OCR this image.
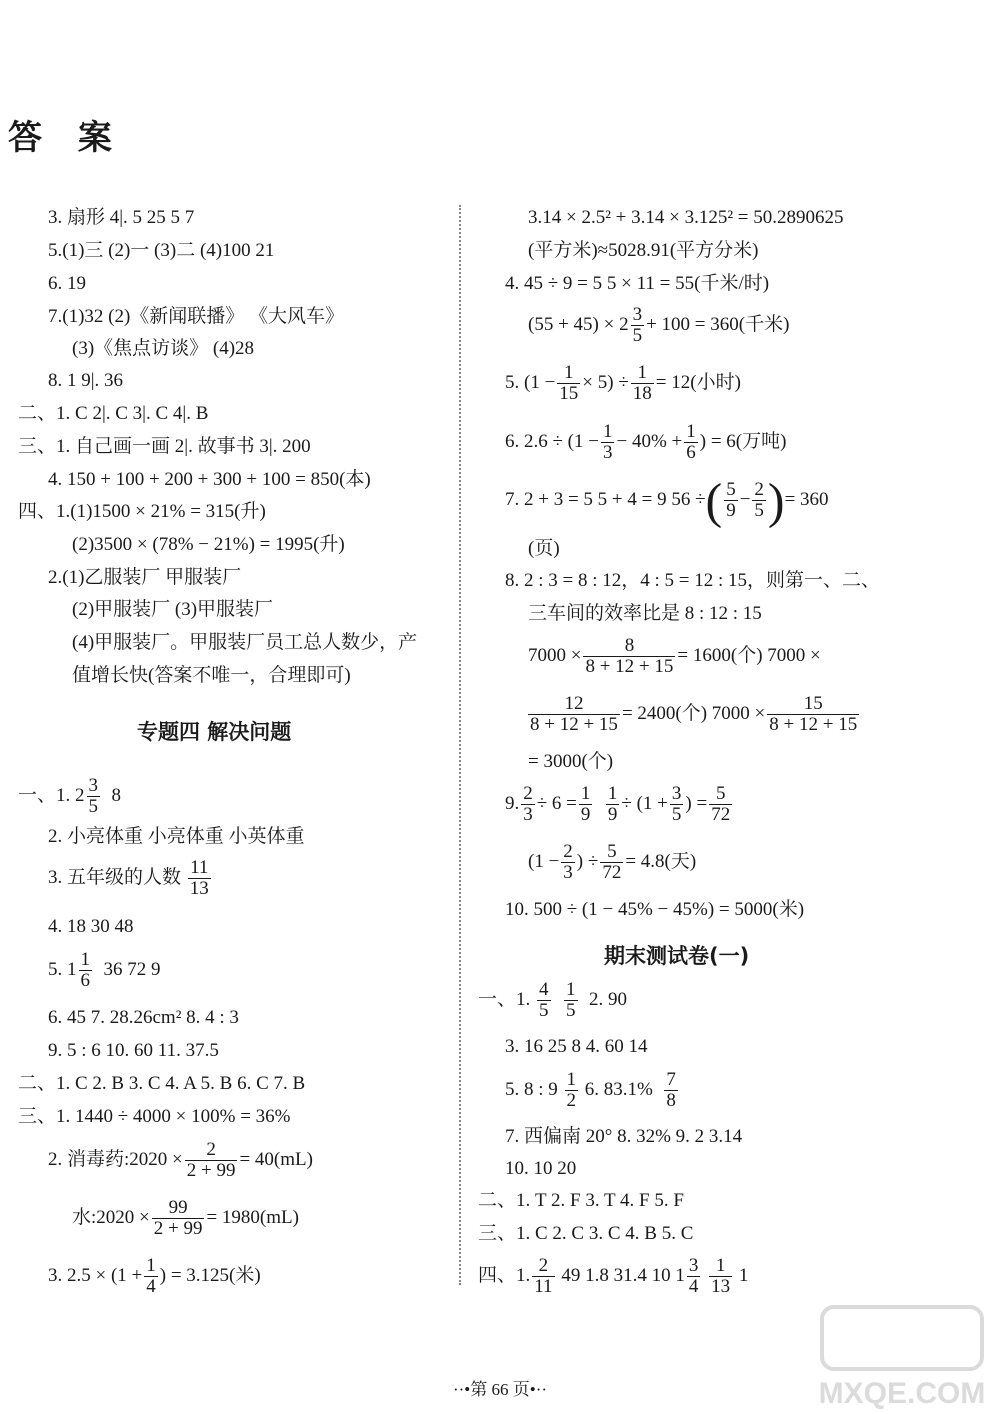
答 案
3. 扇形 4|. 5 25 5 7
5.(1)三 (2)一 (3)二 (4)100 21
6. 19
7.(1)32 (2)《新闻联播》 《大风车》
(3)《焦点访谈》 (4)28
8. 1 9|. 36
二、1. C 2|. C 3|. C 4|. B
三、1. 自己画一画 2|. 故事书 3|. 200
4. 150 + 100 + 200 + 300 + 100 = 850(本)
四、1.(1)1500 × 21% = 315(升)
(2)3500 × (78% − 21%) = 1995(升)
2.(1)乙服装厂 甲服装厂
(2)甲服装厂 (3)甲服装厂
(4)甲服装厂。甲服装厂员工总人数少，产
值增长快(答案不唯一，合理即可)
专题四 解决问题
一、1. $2 \frac{3}{5} 8$
2. 小亮体重 小亮体重 小英体重
3. 五年级的人数 $\frac{11}{13}$
4. 18 30 48
5. $1 \frac{1}{6} 36$ 72 9
6. 45 7. 28.26cm² 8. 4 : 3
9. 5 : 6 10. 60 11. 37.5
二、1. C 2. B 3. C 4. A 5. B 6. C 7. B
三、1. 1440 ÷ 4000 × 100% = 36%
2. 消毒药:2020 × $\frac{2}{2 + 99} = 40(mL)$
水:2020 × $\frac{99}{2 + 99} = 1980(mL)$
3. $2.5 \times (1 + \frac{1}{4}$ ) = 3.125(米)
3.14 × 2.5² + 3.14 × 3.125² = 50.2890625
(平方米)≈5028.91(平方分米)
4. 45 ÷ 9 = 5 5 × 11 = 55(千米/时)
$(55 + 45) \times 2 \frac{3}{5} + 100 = 360$(千米)
5. $(1 - \frac{1}{15} \times 5) \div \frac{1}{18} = 12$(小时)
6. $2.6 \div (1 - \frac{1}{3} - 40\% + \frac{1}{6}$ ) = 6(万吨)
7. 2 + 3 = 5 5 + 4 = 9 56 ÷( $\frac{5}{9} - \frac{2}{5}$ )= 360
(页)
8. 2 : 3 = 8 : 12，4 : 5 = 12 : 15，则第一、二、
三车间的效率比是 8 : 12 : 15
$7000 \times \frac{8}{8 + 12 + 15} = 1600$(个) 7000 ×
$\frac{12}{8 + 12 + 15} = 2400$(个) $7000 \times \frac{15}{8 + 12 + 15}$
= 3000(个)
9. $\frac{2}{3} \div 6 = \frac{1}{9}$
$\frac{1}{9} \div (1 + \frac{3}{5}$ ) = $\frac{5}{72}$
($1 - \frac{2}{3}$ ) ÷ $\frac{5}{72} = 4.8$(天)
10. 500 ÷ (1 − 45% − 45%) = 5000(米)
期末测试卷(一)
一、1. $\frac{4}{5}$
$\frac{1}{5} 2$. 90
3. 16 25 8 4. 60 14
5. 8 : $9 \frac{1}{2} 6$. $83.1\% \frac{7}{8}$
7. 西偏南 20° 8. 32% 9. 2 3.14
10. 10 20
二、1. T 2. F 3. T 4. F 5. F
三、1. C 2. C 3. C 4. B 5. C
四、1. $\frac{2}{11} 49$ 1.8 31.4 10 $1 \frac{3}{4}$
$\frac{1}{13} 1$
··•第 66 页•··	MXQE.COM
